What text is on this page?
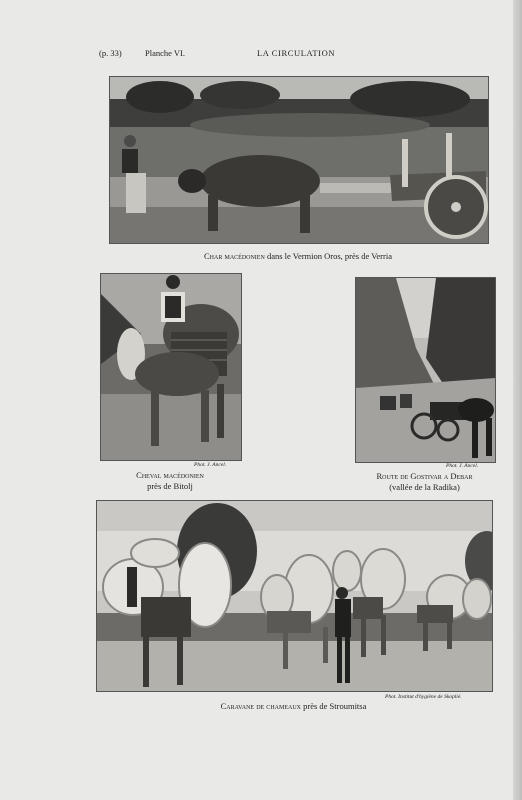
(p. 33)	Planche VI.	LA CIRCULATION
Char macédonien dans le Vermion Oros, près de Verria
Phot. J. Ancel.
Cheval macédonien
près de Bitolj
Phot. J. Ancel.
Route de Gostivar a Debar
(vallée de la Radika)
Phot. Institut d'hygiène de Skoplié.
Caravane de chameaux près de Stroumitsa
